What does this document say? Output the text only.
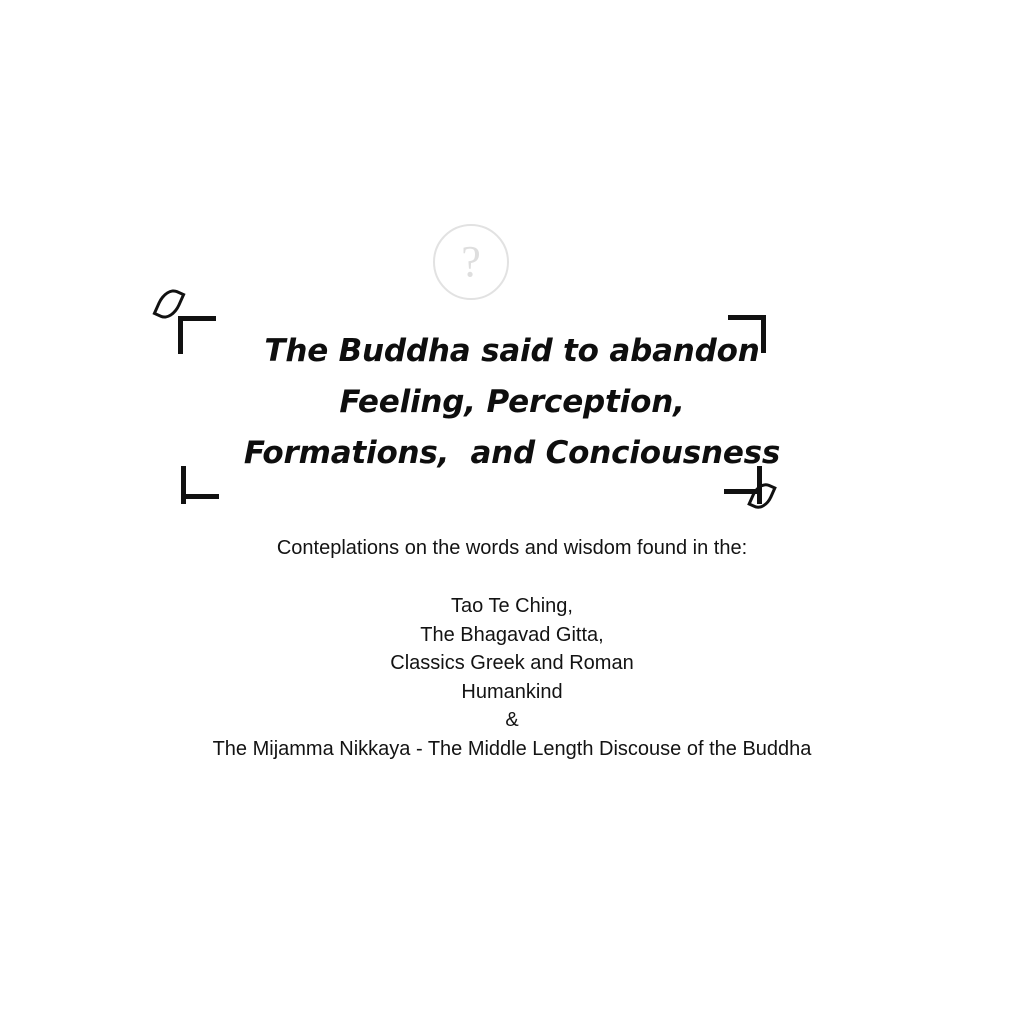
?
The Buddha said to abandon
Feeling, Perception,
Formations,  and Conciousness
Conteplations on the words and wisdom found in the:
Tao Te Ching,
The Bhagavad Gitta,
Classics Greek and Roman
Humankind
&
The Mijamma Nikkaya - The Middle Length Discouse of the Buddha
